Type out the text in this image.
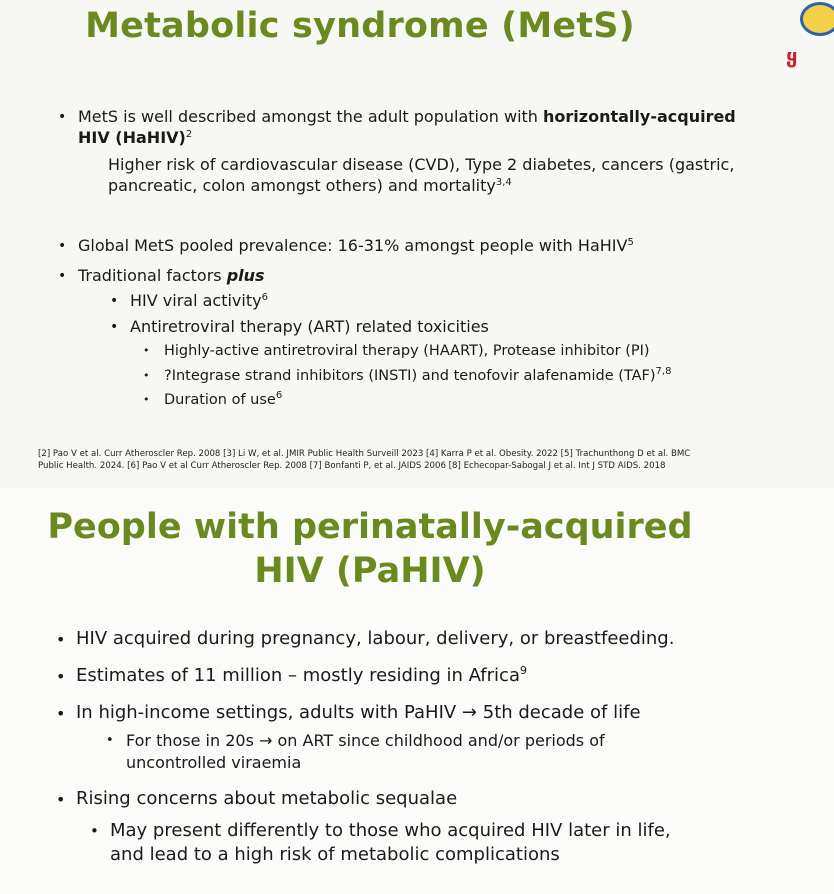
ყ
Metabolic syndrome (MetS)
• MetS is well described amongst the adult population with horizontally-acquired
HIV (HaHIV)$^2$
Higher risk of cardiovascular disease (CVD), Type 2 diabetes, cancers (gastric,
pancreatic, colon amongst others) and mortality$^{3,4}$
• Global MetS pooled prevalence: 16-31% amongst people with HaHIV$^5$
• Traditional factors plus
• HIV viral activity$^6$
• Antiretroviral therapy (ART) related toxicities
• Highly-active antiretroviral therapy (HAART), Protease inhibitor (PI)
• ?Integrase strand inhibitors (INSTI) and tenofovir alafenamide (TAF)$^{7,8}$
• Duration of use$^6$
[2] Pao V et al. Curr Atheroscler Rep. 2008 [3] Li W, et al. JMIR Public Health Surveill 2023 [4] Karra P et al. Obesity. 2022 [5] Trachunthong D et al. BMC
Public Health. 2024. [6] Pao V et al Curr Atheroscler Rep. 2008 [7] Bonfanti P, et al. JAIDS 2006 [8] Echecopar-Sabogal J et al. Int J STD AIDS. 2018
People with perinatally-acquired
HIV (PaHIV)
• HIV acquired during pregnancy, labour, delivery, or breastfeeding.
• Estimates of 11 million – mostly residing in Africa$^9$
• In high-income settings, adults with PaHIV → 5th decade of life
• For those in 20s → on ART since childhood and/or periods of
uncontrolled viraemia
• Rising concerns about metabolic sequalae
• May present differently to those who acquired HIV later in life,
and lead to a high risk of metabolic complications
